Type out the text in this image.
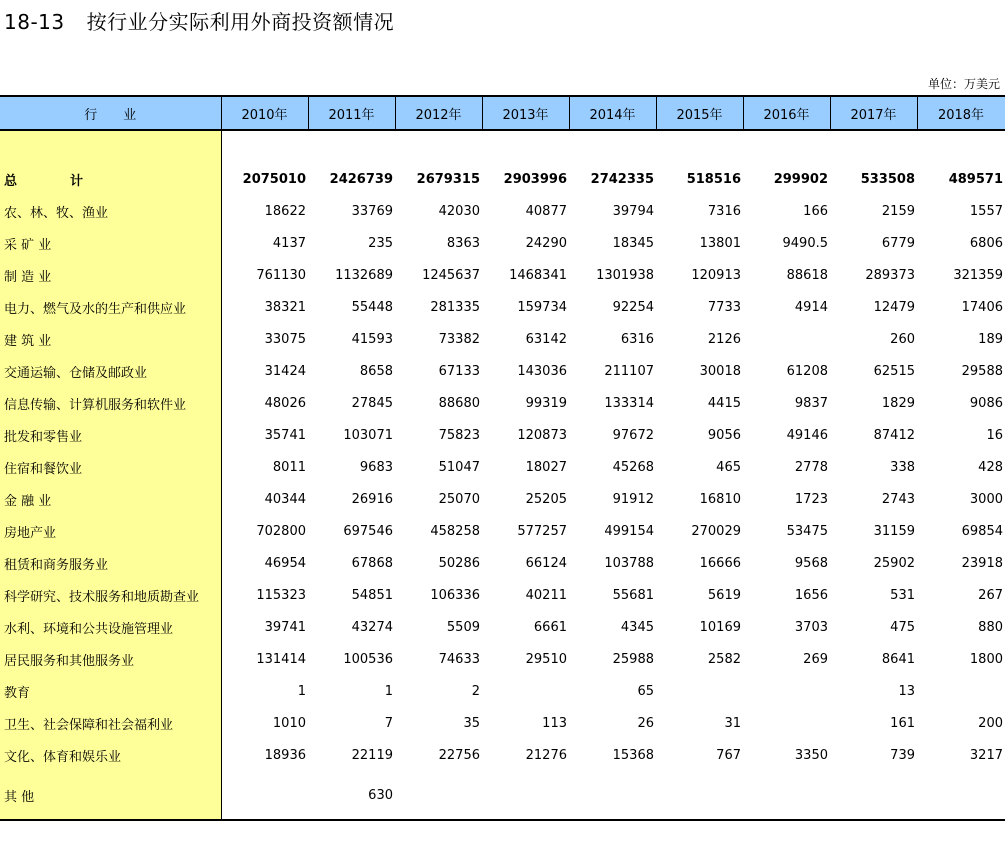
18-13 按行业分实际利用外商投资额情况
单位：万美元
行　　业	2010年	2011年	2012年	2013年	2014年	2015年	2016年	2017年	2018年

总　计	2075010	2426739	2679315	2903996	2742335	518516	299902	533508	489571
农、林、牧、渔业	18622	33769	42030	40877	39794	7316	166	2159	1557
采 矿 业	4137	235	8363	24290	18345	13801	9490.5	6779	6806
制 造 业	761130	1132689	1245637	1468341	1301938	120913	88618	289373	321359
电力、燃气及水的生产和供应业	38321	55448	281335	159734	92254	7733	4914	12479	17406
建 筑 业	33075	41593	73382	63142	6316	2126		260	189
交通运输、仓储及邮政业	31424	8658	67133	143036	211107	30018	61208	62515	29588
信息传输、计算机服务和软件业	48026	27845	88680	99319	133314	4415	9837	1829	9086
批发和零售业	35741	103071	75823	120873	97672	9056	49146	87412	16
住宿和餐饮业	8011	9683	51047	18027	45268	465	2778	338	428
金 融 业	40344	26916	25070	25205	91912	16810	1723	2743	3000
房地产业	702800	697546	458258	577257	499154	270029	53475	31159	69854
租赁和商务服务业	46954	67868	50286	66124	103788	16666	9568	25902	23918
科学研究、技术服务和地质勘查业	115323	54851	106336	40211	55681	5619	1656	531	267
水利、环境和公共设施管理业	39741	43274	5509	6661	4345	10169	3703	475	880
居民服务和其他服务业	131414	100536	74633	29510	25988	2582	269	8641	1800
教育	1	1	2		65			13	
卫生、社会保障和社会福利业	1010	7	35	113	26	31		161	200
文化、体育和娱乐业	18936	22119	22756	21276	15368	767	3350	739	3217
其 他		630							
